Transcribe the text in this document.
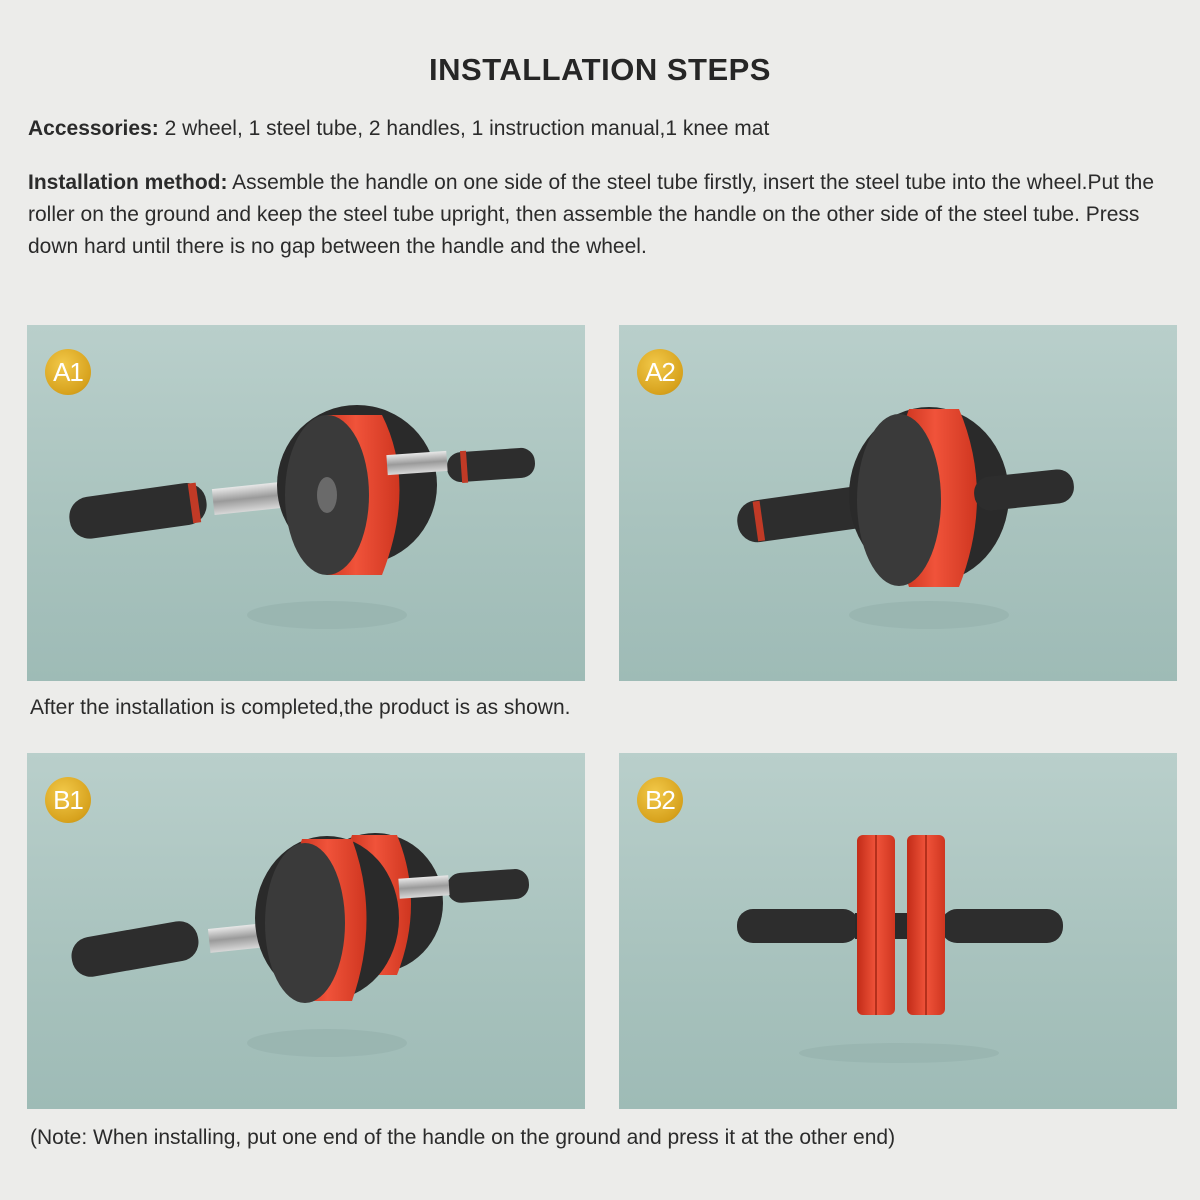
INSTALLATION STEPS
Accessories: 2 wheel, 1 steel tube, 2 handles, 1 instruction manual,1 knee mat
Installation method: Assemble the handle on one side of the steel tube firstly, insert the steel tube into the wheel.Put the roller on the ground and keep the steel tube upright, then assemble the handle on the other side of the steel tube. Press down hard until there is no gap between the handle and the wheel.
A1	A2
After the installation is completed,the product is as shown.
B1	B2
(Note: When installing, put one end of the handle on the ground and press it at the other end)
